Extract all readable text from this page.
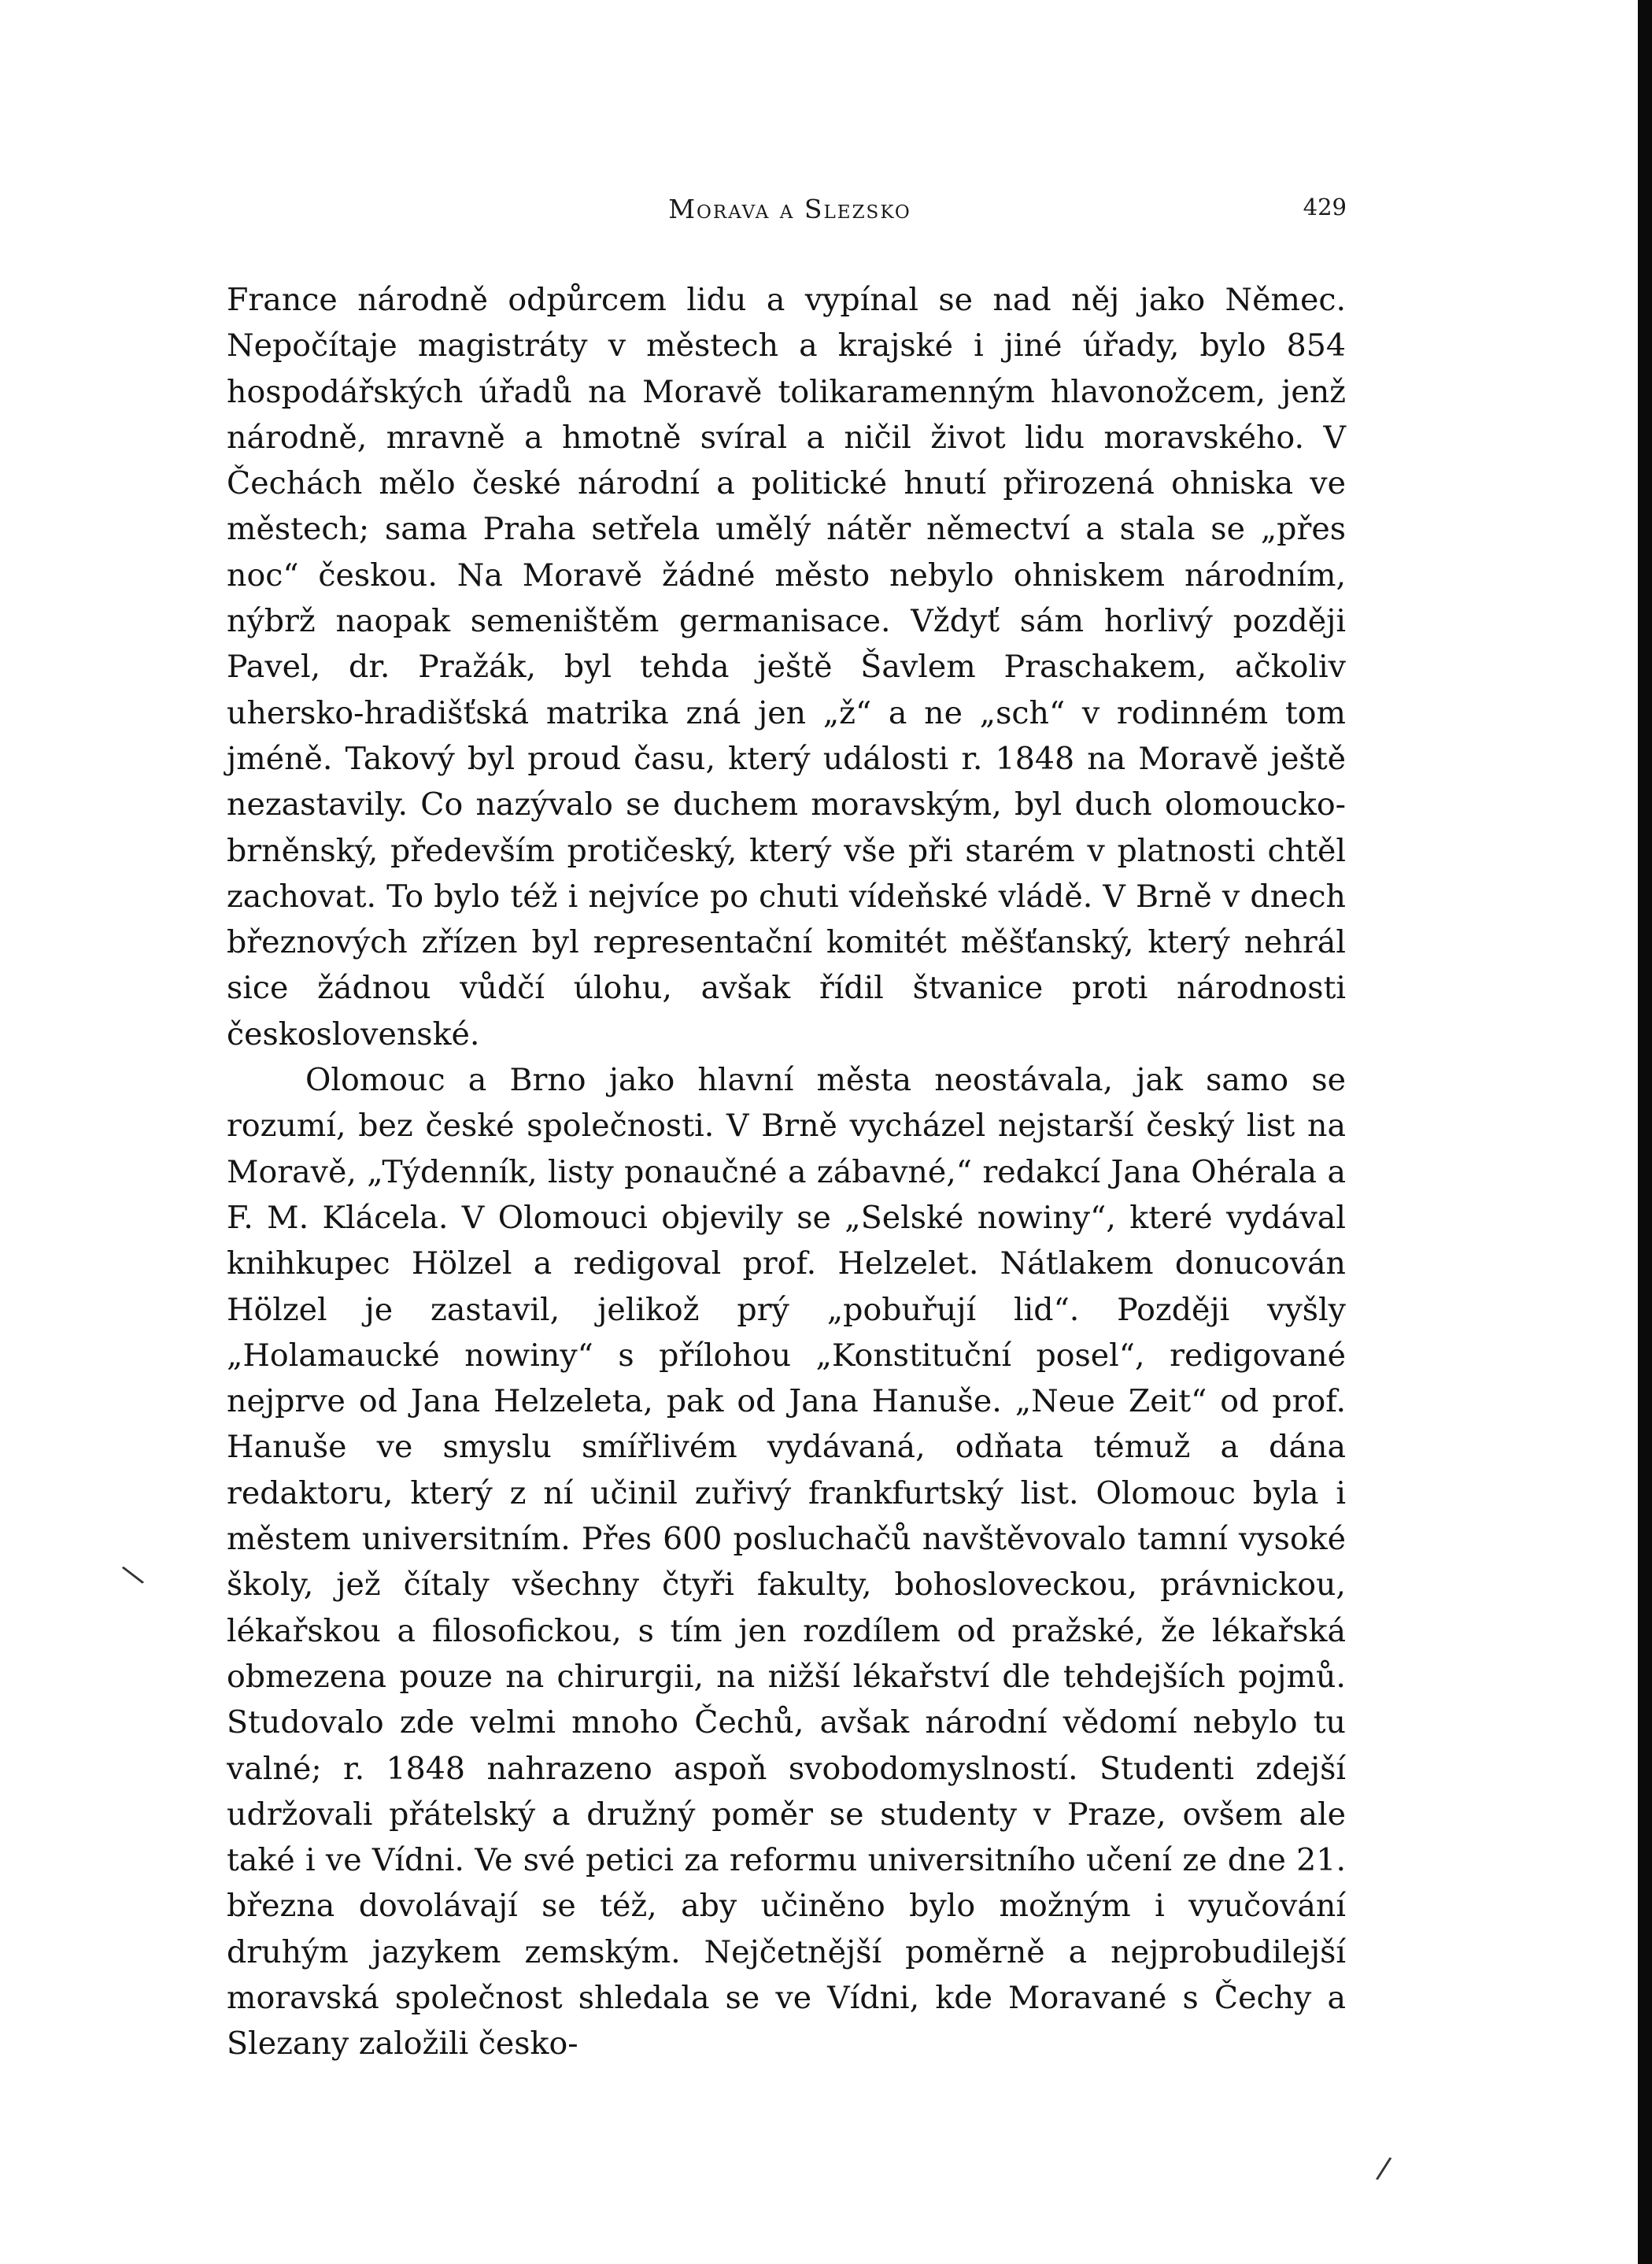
Morava a Slezsko	429

France národně odpůrcem lidu a vypínal se nad něj jako Němec. Nepočítaje magistráty v městech a krajské i jiné úřady, bylo 854 hospodářských úřadů na Moravě tolikaramenným hlavonožcem, jenž národně, mravně a hmotně svíral a ničil život lidu moravského. V Čechách mělo české národní a politické hnutí přirozená ohniska ve městech; sama Praha setřela umělý nátěr němectví a stala se „přes noc“ českou. Na Moravě žádné město nebylo ohniskem národním, nýbrž naopak semeništěm germanisace. Vždyť sám horlivý později Pavel, dr. Pražák, byl tehda ještě Šavlem Praschakem, ačkoliv uhersko-hradišťská matrika zná jen „ž“ a ne „sch“ v rodinném tom jméně. Takový byl proud času, který události r. 1848 na Moravě ještě nezastavily. Co nazývalo se duchem moravským, byl duch olomoucko-brněnský, především protičeský, který vše při starém v platnosti chtěl zachovat. To bylo též i nejvíce po chuti vídeňské vládě. V Brně v dnech březnových zřízen byl representační komitét měšťanský, který nehrál sice žádnou vůdčí úlohu, avšak řídil štvanice proti národnosti československé.

Olomouc a Brno jako hlavní města neostávala, jak samo se rozumí, bez české společnosti. V Brně vycházel nejstarší český list na Moravě, „Týdenník, listy ponaučné a zábavné,“ redakcí Jana Ohérala a F. M. Klácela. V Olomouci objevily se „Selské nowiny“, které vydával knihkupec Hölzel a redigoval prof. Helzelet. Nátlakem donucován Hölzel je zastavil, jelikož prý „pobuřují lid“. Později vyšly „Holamaucké nowiny“ s přílohou „Konstituční posel“, redigované nejprve od Jana Helzeleta, pak od Jana Hanuše. „Neue Zeit“ od prof. Hanuše ve smyslu smířlivém vydávaná, odňata témuž a dána redaktoru, který z ní učinil zuřivý frankfurtský list. Olomouc byla i městem universitním. Přes 600 posluchačů navštěvovalo tamní vysoké školy, jež čítaly všechny čtyři fakulty, bohosloveckou, právnickou, lékařskou a filosofickou, s tím jen rozdílem od pražské, že lékařská obmezena pouze na chirurgii, na nižší lékařství dle tehdejších pojmů. Studovalo zde velmi mnoho Čechů, avšak národní vědomí nebylo tu valné; r. 1848 nahrazeno aspoň svobodomyslností. Studenti zdejší udržovali přátelský a družný poměr se studenty v Praze, ovšem ale také i ve Vídni. Ve své petici za reformu universitního učení ze dne 21. března dovolávají se též, aby učiněno bylo možným i vyučování druhým jazykem zemským. Nejčetnější poměrně a nejprobudilejší moravská společnost shledala se ve Vídni, kde Moravané s Čechy a Slezany založili česko-

\
/
